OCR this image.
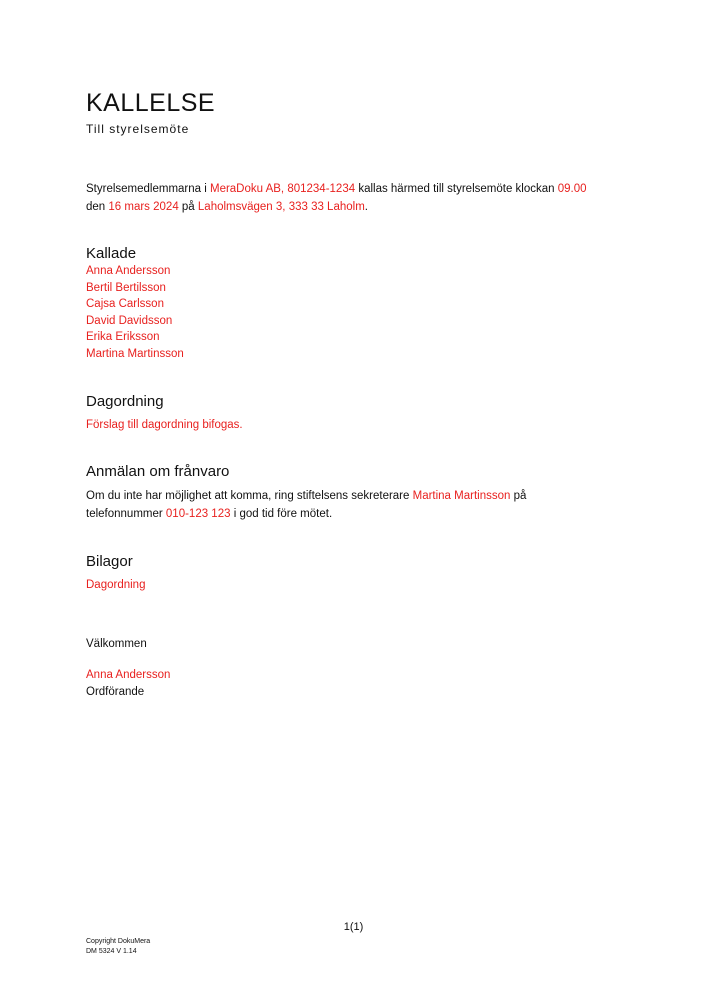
KALLELSE
Till styrelsemöte
Styrelsemedlemmarna i MeraDoku AB, 801234-1234 kallas härmed till styrelsemöte klockan 09.00
den 16 mars 2024 på Laholmsvägen 3, 333 33 Laholm.
Kallade
Anna Andersson
Bertil Bertilsson
Cajsa Carlsson
David Davidsson
Erika Eriksson
Martina Martinsson
Dagordning
Förslag till dagordning bifogas.
Anmälan om frånvaro
Om du inte har möjlighet att komma, ring stiftelsens sekreterare Martina Martinsson på
telefonnummer 010-123 123 i god tid före mötet.
Bilagor
Dagordning
Välkommen
Anna Andersson
Ordförande
1(1)
Copyright DokuMera
DM 5324 V 1.14
